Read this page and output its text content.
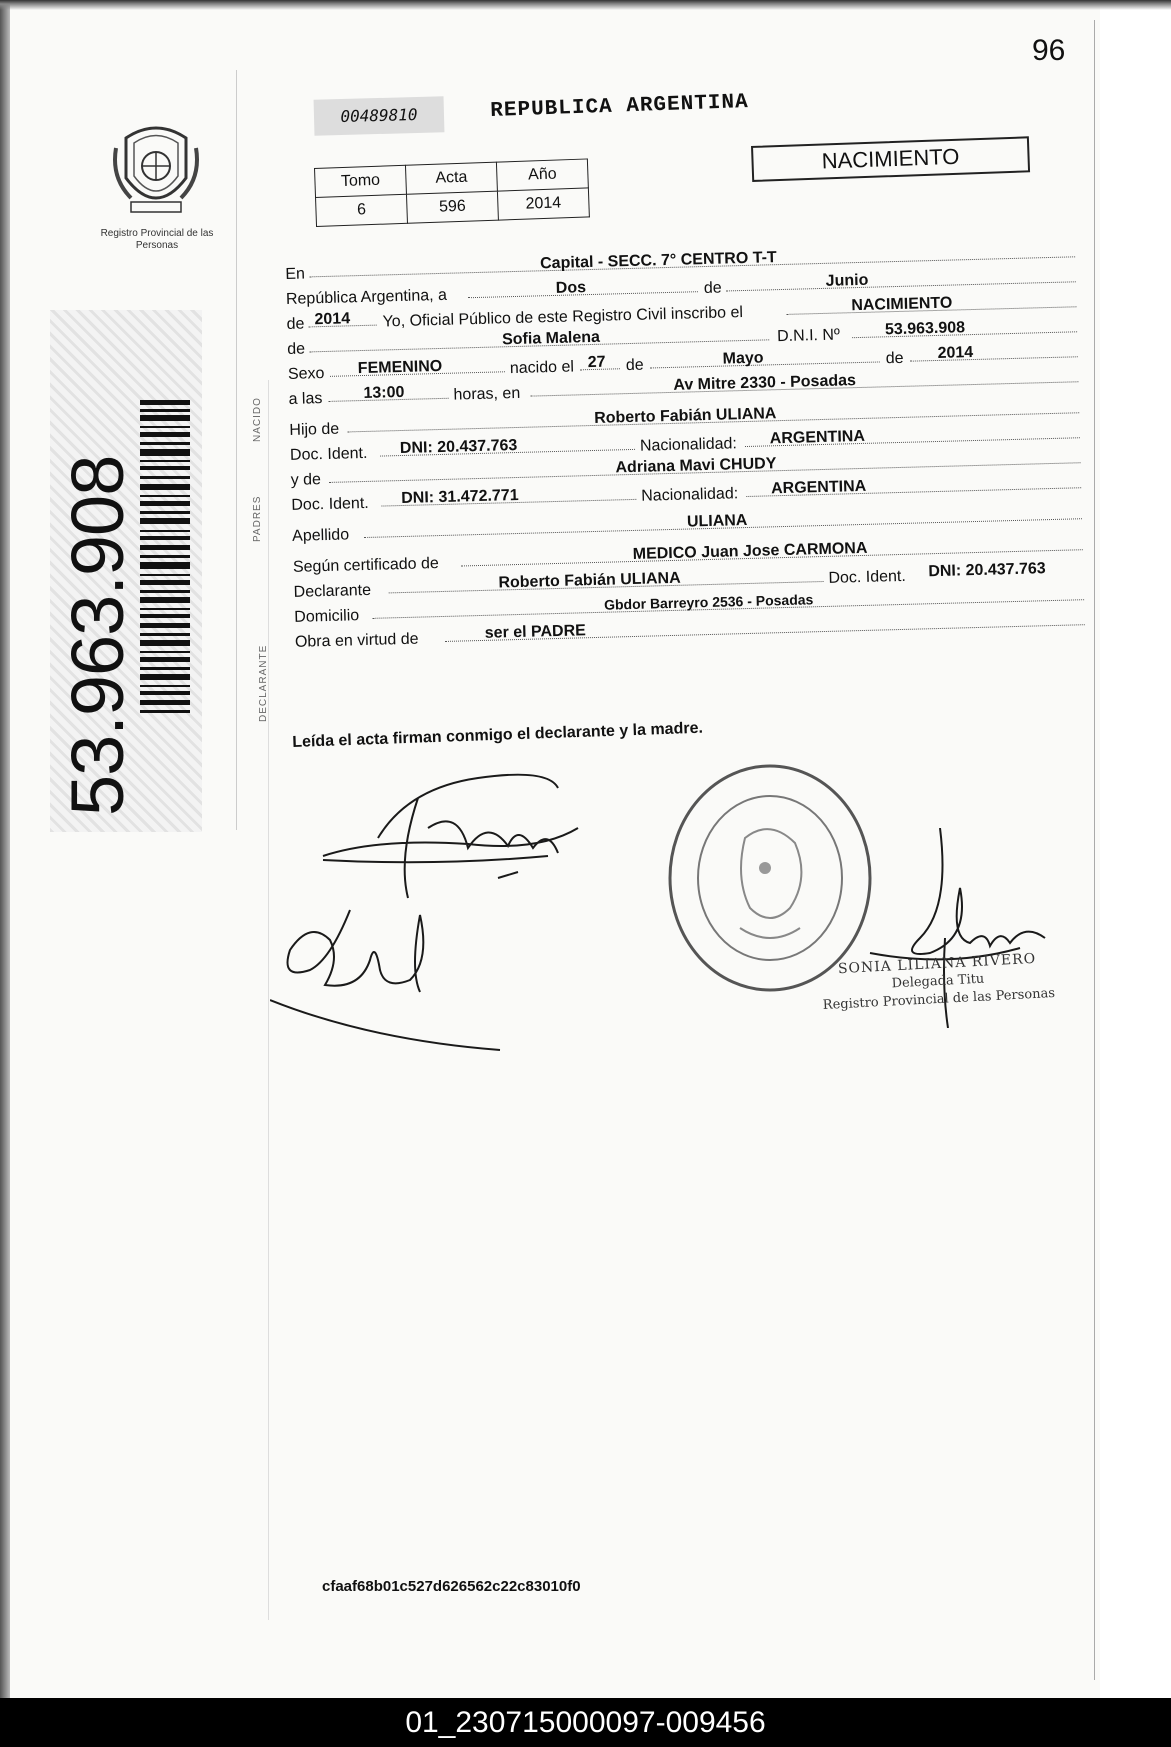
96
Registro Provincial de las Personas
53.963.908
00489810	REPUBLICA ARGENTINA
Tomo	Acta	Año
6	596	2014
NACIMIENTO
NACIDO
PADRES
DECLARANTE
En
Capital - SECC. 7° CENTRO T-T
República Argentina, a	Dos	de	Junio
de 2014 Yo, Oficial Público de este Registro Civil inscribo el	NACIMIENTO
de
Sofia Malena	D.N.I. Nº	53.963.908
Sexo FEMENINO	nacido el 27 de	Mayo	de 2014
a las	13:00	horas, en
Av Mitre 2330 - Posadas
Hijo de
Roberto Fabián ULIANA
Doc. Ident. DNI: 20.437.763	Nacionalidad: ARGENTINA
y de
Adriana Mavi CHUDY
Doc. Ident. DNI: 31.472.771	Nacionalidad: ARGENTINA
Apellido
ULIANA
Según certificado de
MEDICO Juan Jose CARMONA
Declarante	Roberto Fabián ULIANA	Doc. Ident. DNI: 20.437.763
Domicilio
Gbdor Barreyro 2536 - Posadas
Obra en virtud de	ser el PADRE
Leída el acta firman conmigo el declarante y la madre.
SONIA LILIANA RIVERO
Delegada Titu
Registro Provincial de las Personas
cfaaf68b01c527d626562c22c83010f0
01_230715000097-009456
